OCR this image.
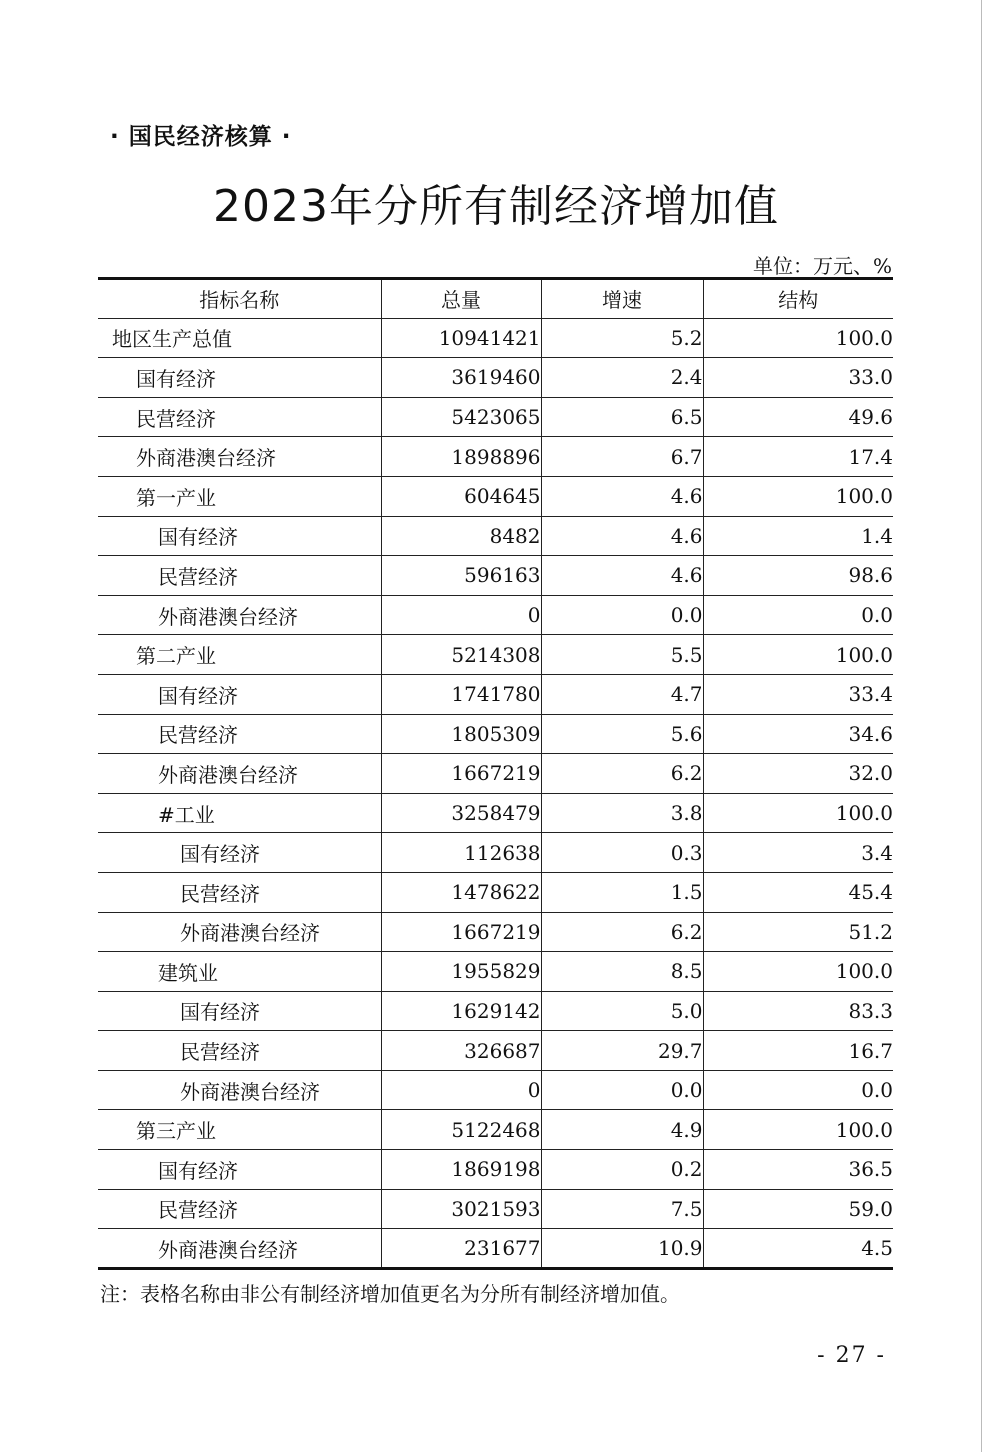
· 国民经济核算 ·
2023年分所有制经济增加值
单位：万元、%
指标名称	总量	增速	结构
地区生产总值	10941421	5.2	100.0
国有经济	3619460	2.4	33.0
民营经济	5423065	6.5	49.6
外商港澳台经济	1898896	6.7	17.4
第一产业	604645	4.6	100.0
国有经济	8482	4.6	1.4
民营经济	596163	4.6	98.6
外商港澳台经济	0	0.0	0.0
第二产业	5214308	5.5	100.0
国有经济	1741780	4.7	33.4
民营经济	1805309	5.6	34.6
外商港澳台经济	1667219	6.2	32.0
#工业	3258479	3.8	100.0
国有经济	112638	0.3	3.4
民营经济	1478622	1.5	45.4
外商港澳台经济	1667219	6.2	51.2
建筑业	1955829	8.5	100.0
国有经济	1629142	5.0	83.3
民营经济	326687	29.7	16.7
外商港澳台经济	0	0.0	0.0
第三产业	5122468	4.9	100.0
国有经济	1869198	0.2	36.5
民营经济	3021593	7.5	59.0
外商港澳台经济	231677	10.9	4.5
注：表格名称由非公有制经济增加值更名为分所有制经济增加值。
- 27 -
